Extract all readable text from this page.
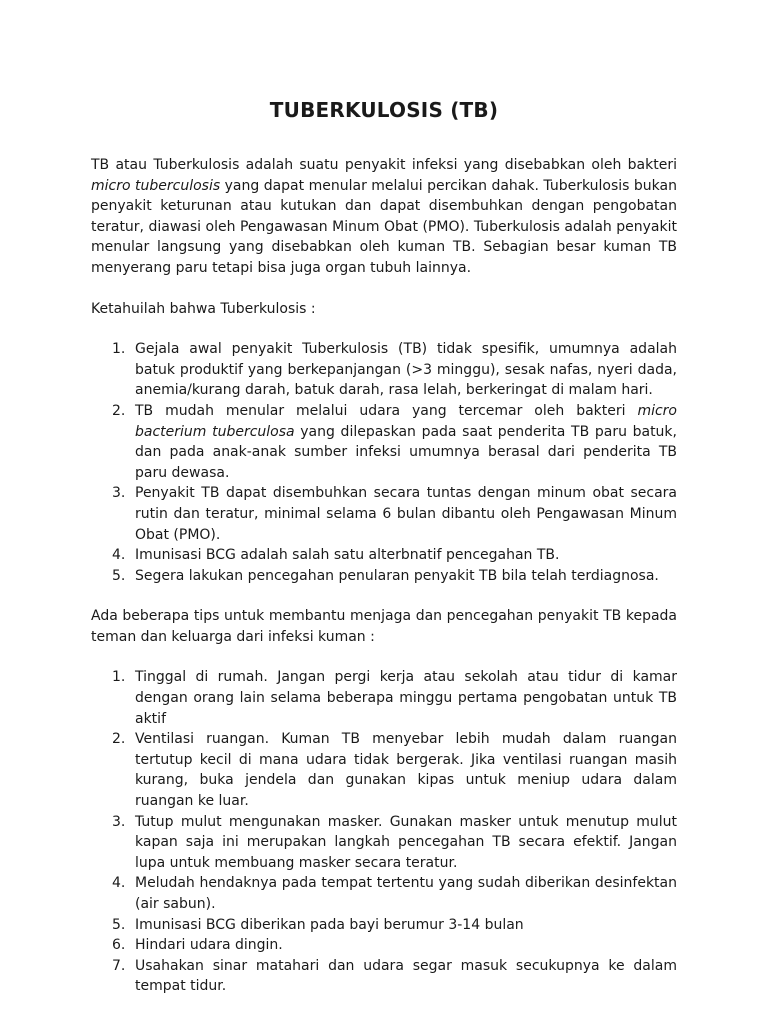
TUBERKULOSIS (TB)

TB atau Tuberkulosis adalah suatu penyakit infeksi yang disebabkan oleh bakteri micro tuberculosis yang dapat menular melalui percikan dahak. Tuberkulosis bukan penyakit keturunan atau kutukan dan dapat disembuhkan dengan pengobatan teratur, diawasi oleh Pengawasan Minum Obat (PMO). Tuberkulosis adalah penyakit menular langsung yang disebabkan oleh kuman TB. Sebagian besar kuman TB menyerang paru tetapi bisa juga organ tubuh lainnya.

Ketahuilah bahwa Tuberkulosis :

1. Gejala awal penyakit Tuberkulosis (TB) tidak spesifik, umumnya adalah batuk produktif yang berkepanjangan (>3 minggu), sesak nafas, nyeri dada, anemia/kurang darah, batuk darah, rasa lelah, berkeringat di malam hari.
2. TB mudah menular melalui udara yang tercemar oleh bakteri micro bacterium tuberculosa yang dilepaskan pada saat penderita TB paru batuk, dan pada anak-anak sumber infeksi umumnya berasal dari penderita TB paru dewasa.
3. Penyakit TB dapat disembuhkan secara tuntas dengan minum obat secara rutin dan teratur, minimal selama 6 bulan dibantu oleh Pengawasan Minum Obat (PMO).
4. Imunisasi BCG adalah salah satu alterbnatif pencegahan TB.
5. Segera lakukan pencegahan penularan penyakit TB bila telah terdiagnosa.

Ada beberapa tips untuk membantu menjaga dan pencegahan penyakit TB kepada teman dan keluarga dari infeksi kuman :

1. Tinggal di rumah. Jangan pergi kerja atau sekolah atau tidur di kamar dengan orang lain selama beberapa minggu pertama pengobatan untuk TB aktif
2. Ventilasi ruangan. Kuman TB menyebar lebih mudah dalam ruangan tertutup kecil di mana udara tidak bergerak. Jika ventilasi ruangan masih kurang, buka jendela dan gunakan kipas untuk meniup udara dalam ruangan ke luar.
3. Tutup mulut mengunakan masker. Gunakan masker untuk menutup mulut kapan saja ini merupakan langkah pencegahan TB secara efektif. Jangan lupa untuk membuang masker secara teratur.
4. Meludah hendaknya pada tempat tertentu yang sudah diberikan desinfektan (air sabun).
5. Imunisasi BCG diberikan pada bayi berumur 3-14 bulan
6. Hindari udara dingin.
7. Usahakan sinar matahari dan udara segar masuk secukupnya ke dalam tempat tidur.
